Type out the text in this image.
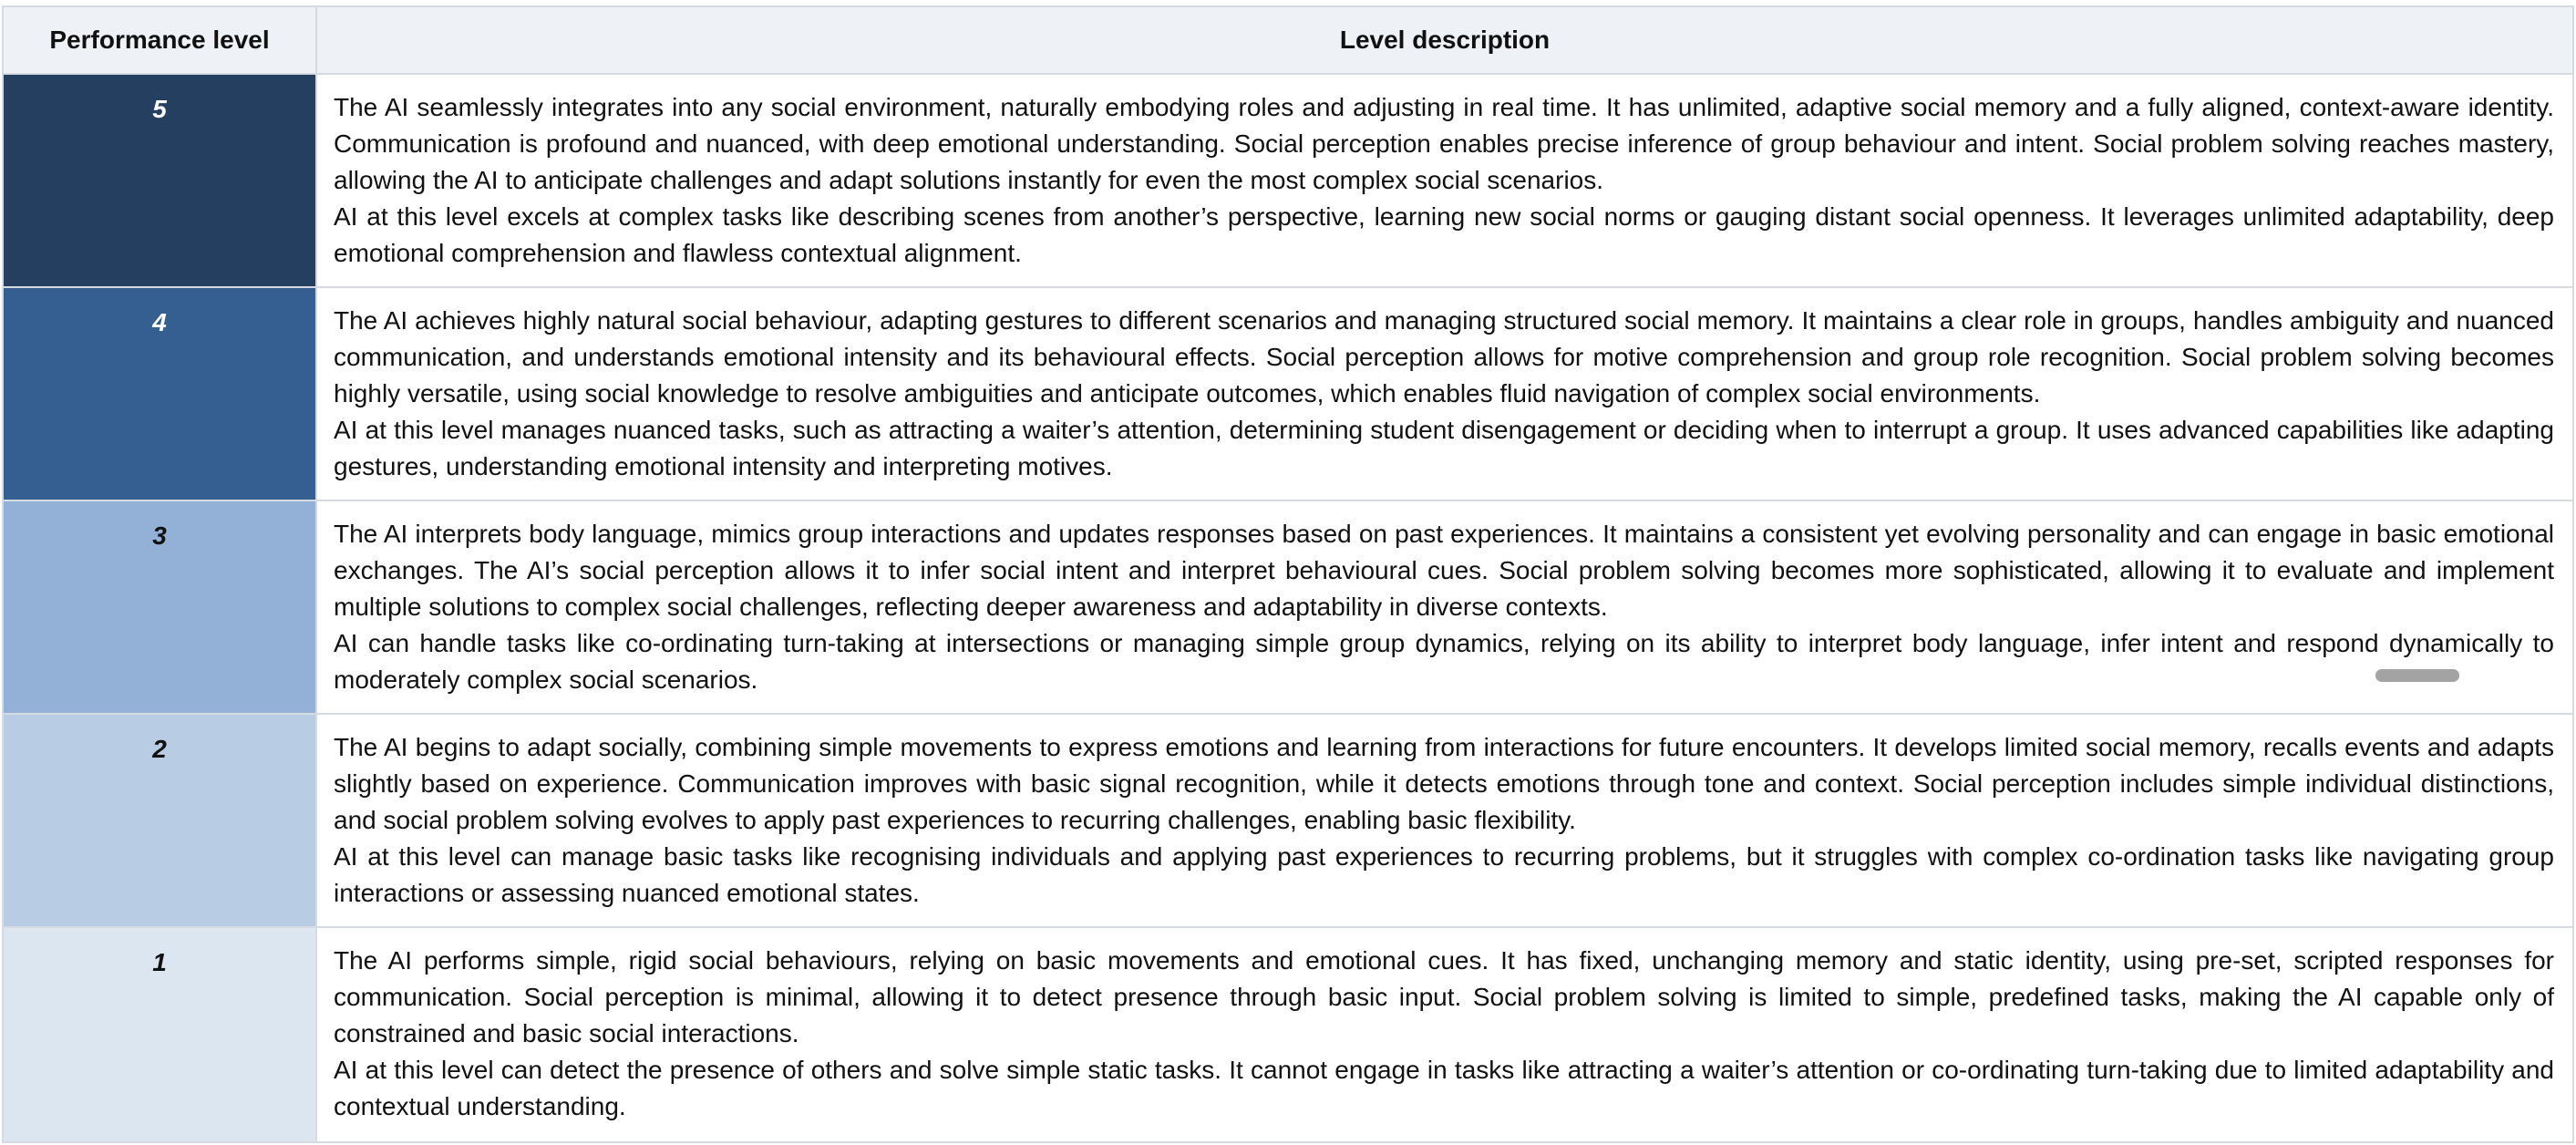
Performance level	Level description
5	The AI seamlessly integrates into any social environment, naturally embodying roles and adjusting in real time. It has unlimited, adaptive social memory and a fully aligned, context-aware identity. Communication is profound and nuanced, with deep emotional understanding. Social perception enables precise inference of group behaviour and intent. Social problem solving reaches mastery, allowing the AI to anticipate challenges and adapt solutions instantly for even the most complex social scenarios.

AI at this level excels at complex tasks like describing scenes from another’s perspective, learning new social norms or gauging distant social openness. It leverages unlimited adaptability, deep emotional comprehension and flawless contextual alignment.

4	The AI achieves highly natural social behaviour, adapting gestures to different scenarios and managing structured social memory. It maintains a clear role in groups, handles ambiguity and nuanced communication, and understands emotional intensity and its behavioural effects. Social perception allows for motive comprehension and group role recognition. Social problem solving becomes highly versatile, using social knowledge to resolve ambiguities and anticipate outcomes, which enables fluid navigation of complex social environments.

AI at this level manages nuanced tasks, such as attracting a waiter’s attention, determining student disengagement or deciding when to interrupt a group. It uses advanced capabilities like adapting gestures, understanding emotional intensity and interpreting motives.

3	The AI interprets body language, mimics group interactions and updates responses based on past experiences. It maintains a consistent yet evolving personality and can engage in basic emotional exchanges. The AI’s social perception allows it to infer social intent and interpret behavioural cues. Social problem solving becomes more sophisticated, allowing it to evaluate and implement multiple solutions to complex social challenges, reflecting deeper awareness and adaptability in diverse contexts.

AI can handle tasks like co-ordinating turn-taking at intersections or managing simple group dynamics, relying on its ability to interpret body language, infer intent and respond dynamically to moderately complex social scenarios.

2	The AI begins to adapt socially, combining simple movements to express emotions and learning from interactions for future encounters. It develops limited social memory, recalls events and adapts slightly based on experience. Communication improves with basic signal recognition, while it detects emotions through tone and context. Social perception includes simple individual distinctions, and social problem solving evolves to apply past experiences to recurring challenges, enabling basic flexibility.

AI at this level can manage basic tasks like recognising individuals and applying past experiences to recurring problems, but it struggles with complex co-ordination tasks like navigating group interactions or assessing nuanced emotional states.

1	The AI performs simple, rigid social behaviours, relying on basic movements and emotional cues. It has fixed, unchanging memory and static identity, using pre-set, scripted responses for communication. Social perception is minimal, allowing it to detect presence through basic input. Social problem solving is limited to simple, predefined tasks, making the AI capable only of constrained and basic social interactions.

AI at this level can detect the presence of others and solve simple static tasks. It cannot engage in tasks like attracting a waiter’s attention or co-ordinating turn-taking due to limited adaptability and contextual understanding.
